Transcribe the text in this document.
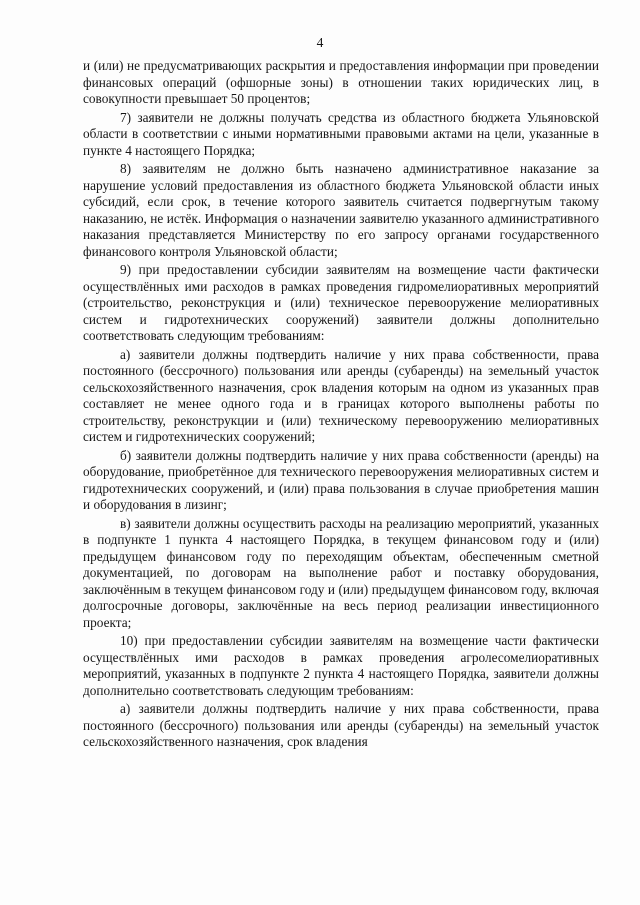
4

и (или) не предусматривающих раскрытия и предоставления информации при проведении финансовых операций (офшорные зоны) в отношении таких юридических лиц, в совокупности превышает 50 процентов;

7) заявители не должны получать средства из областного бюджета Ульяновской области в соответствии с иными нормативными правовыми актами на цели, указанные в пункте 4 настоящего Порядка;

8) заявителям не должно быть назначено административное наказание за нарушение условий предоставления из областного бюджета Ульяновской области иных субсидий, если срок, в течение которого заявитель считается подвергнутым такому наказанию, не истёк. Информация о назначении заявителю указанного административного наказания представляется Министерству по его запросу органами государственного финансового контроля Ульяновской области;

9) при предоставлении субсидии заявителям на возмещение части фактически осуществлённых ими расходов в рамках проведения гидромелиоративных мероприятий (строительство, реконструкция и (или) техническое перевооружение мелиоративных систем и гидротехнических сооружений) заявители должны дополнительно соответствовать следующим требованиям:

а) заявители должны подтвердить наличие у них права собственности, права постоянного (бессрочного) пользования или аренды (субаренды) на земельный участок сельскохозяйственного назначения, срок владения которым на одном из указанных прав составляет не менее одного года и в границах которого выполнены работы по строительству, реконструкции и (или) техническому перевооружению мелиоративных систем и гидротехнических сооружений;

б) заявители должны подтвердить наличие у них права собственности (аренды) на оборудование, приобретённое для технического перевооружения мелиоративных систем и гидротехнических сооружений, и (или) права пользования в случае приобретения машин и оборудования в лизинг;

в) заявители должны осуществить расходы на реализацию мероприятий, указанных в подпункте 1 пункта 4 настоящего Порядка, в текущем финансовом году и (или) предыдущем финансовом году по переходящим объектам, обеспеченным сметной документацией, по договорам на выполнение работ и поставку оборудования, заключённым в текущем финансовом году и (или) предыдущем финансовом году, включая долгосрочные договоры, заключённые на весь период реализации инвестиционного проекта;

10) при предоставлении субсидии заявителям на возмещение части фактически осуществлённых ими расходов в рамках проведения агролесомелиоративных мероприятий, указанных в подпункте 2 пункта 4 настоящего Порядка, заявители должны дополнительно соответствовать следующим требованиям:

а) заявители должны подтвердить наличие у них права собственности, права постоянного (бессрочного) пользования или аренды (субаренды) на земельный участок сельскохозяйственного назначения, срок владения
